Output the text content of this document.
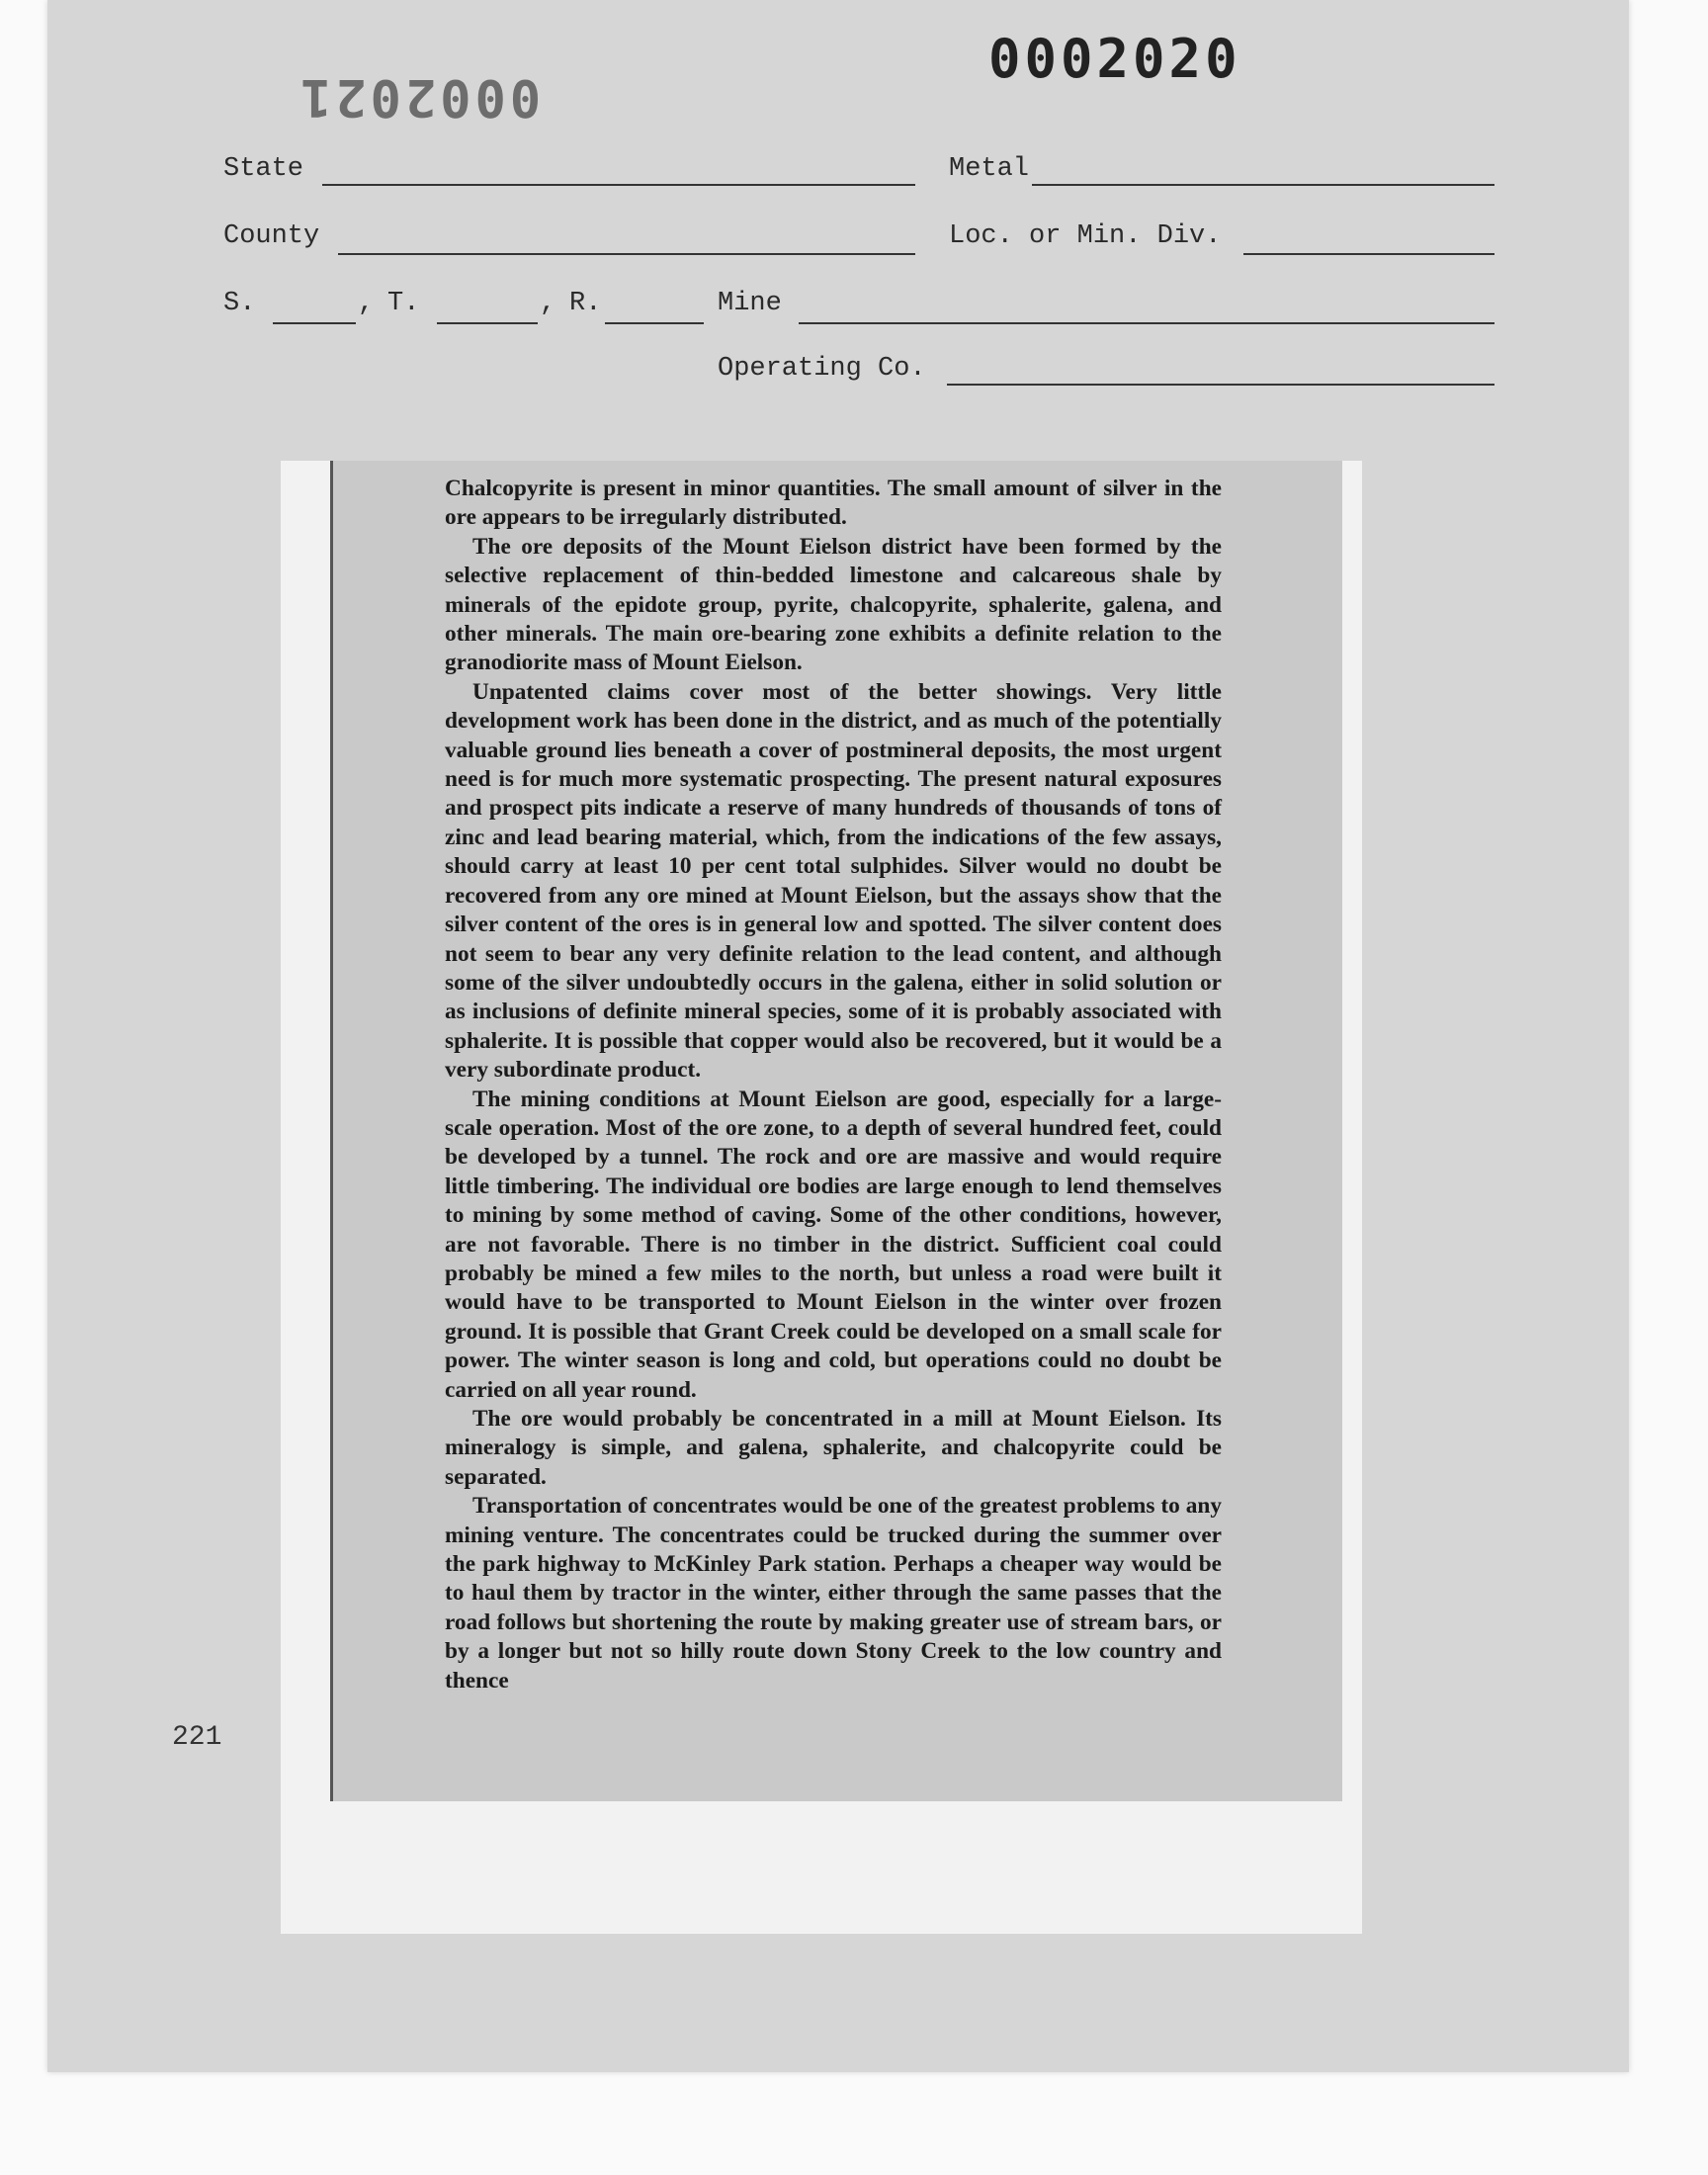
0002020
0002021
State	Metal
County	Loc. or Min. Div.
S.	, T.	, R.	Mine
Operating Co.
221

Chalcopyrite is present in minor quantities. The small amount of silver in the ore appears to be irregularly distributed.

The ore deposits of the Mount Eielson district have been formed by the selective replacement of thin-bedded limestone and calcareous shale by minerals of the epidote group, pyrite, chalcopyrite, sphalerite, galena, and other minerals. The main ore-bearing zone exhibits a definite relation to the granodiorite mass of Mount Eielson.

Unpatented claims cover most of the better showings. Very little development work has been done in the district, and as much of the potentially valuable ground lies beneath a cover of postmineral deposits, the most urgent need is for much more systematic prospecting. The present natural exposures and prospect pits indicate a reserve of many hundreds of thousands of tons of zinc and lead bearing material, which, from the indications of the few assays, should carry at least 10 per cent total sulphides. Silver would no doubt be recovered from any ore mined at Mount Eielson, but the assays show that the silver content of the ores is in general low and spotted. The silver content does not seem to bear any very definite relation to the lead content, and although some of the silver undoubtedly occurs in the galena, either in solid solution or as inclusions of definite mineral species, some of it is probably associated with sphalerite. It is possible that copper would also be recovered, but it would be a very subordinate product.

The mining conditions at Mount Eielson are good, especially for a large-scale operation. Most of the ore zone, to a depth of several hundred feet, could be developed by a tunnel. The rock and ore are massive and would require little timbering. The individual ore bodies are large enough to lend themselves to mining by some method of caving. Some of the other conditions, however, are not favorable. There is no timber in the district. Sufficient coal could probably be mined a few miles to the north, but unless a road were built it would have to be transported to Mount Eielson in the winter over frozen ground. It is possible that Grant Creek could be developed on a small scale for power. The winter season is long and cold, but operations could no doubt be carried on all year round.

The ore would probably be concentrated in a mill at Mount Eielson. Its mineralogy is simple, and galena, sphalerite, and chalcopyrite could be separated.

Transportation of concentrates would be one of the greatest problems to any mining venture. The concentrates could be trucked during the summer over the park highway to McKinley Park station. Perhaps a cheaper way would be to haul them by tractor in the winter, either through the same passes that the road follows but shortening the route by making greater use of stream bars, or by a longer but not so hilly route down Stony Creek to the low country and thence
